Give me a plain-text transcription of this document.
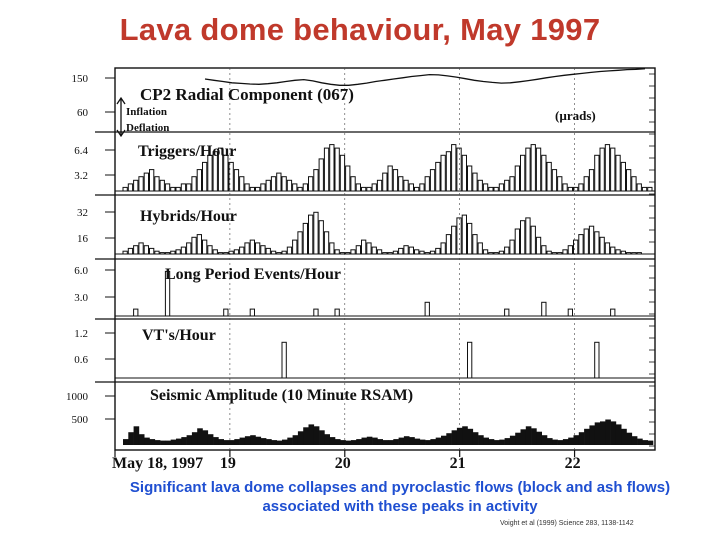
Lava dome behaviour, May 1997
150
60
CP2 Radial Component (067)
(µrads)
Inflation
Deflation
6.4
3.2
Triggers/Hour
32
16
Hybrids/Hour
6.0
3.0
Long Period Events/Hour
1.2
0.6
VT's/Hour
1000
500
Seismic Amplitude (10 Minute RSAM)
May 18, 1997 19	20	21	22
Significant lava dome collapses and pyroclastic flows (block and ash flows) associated with these peaks in activity
Voight et al (1999) Science 283, 1138-1142
